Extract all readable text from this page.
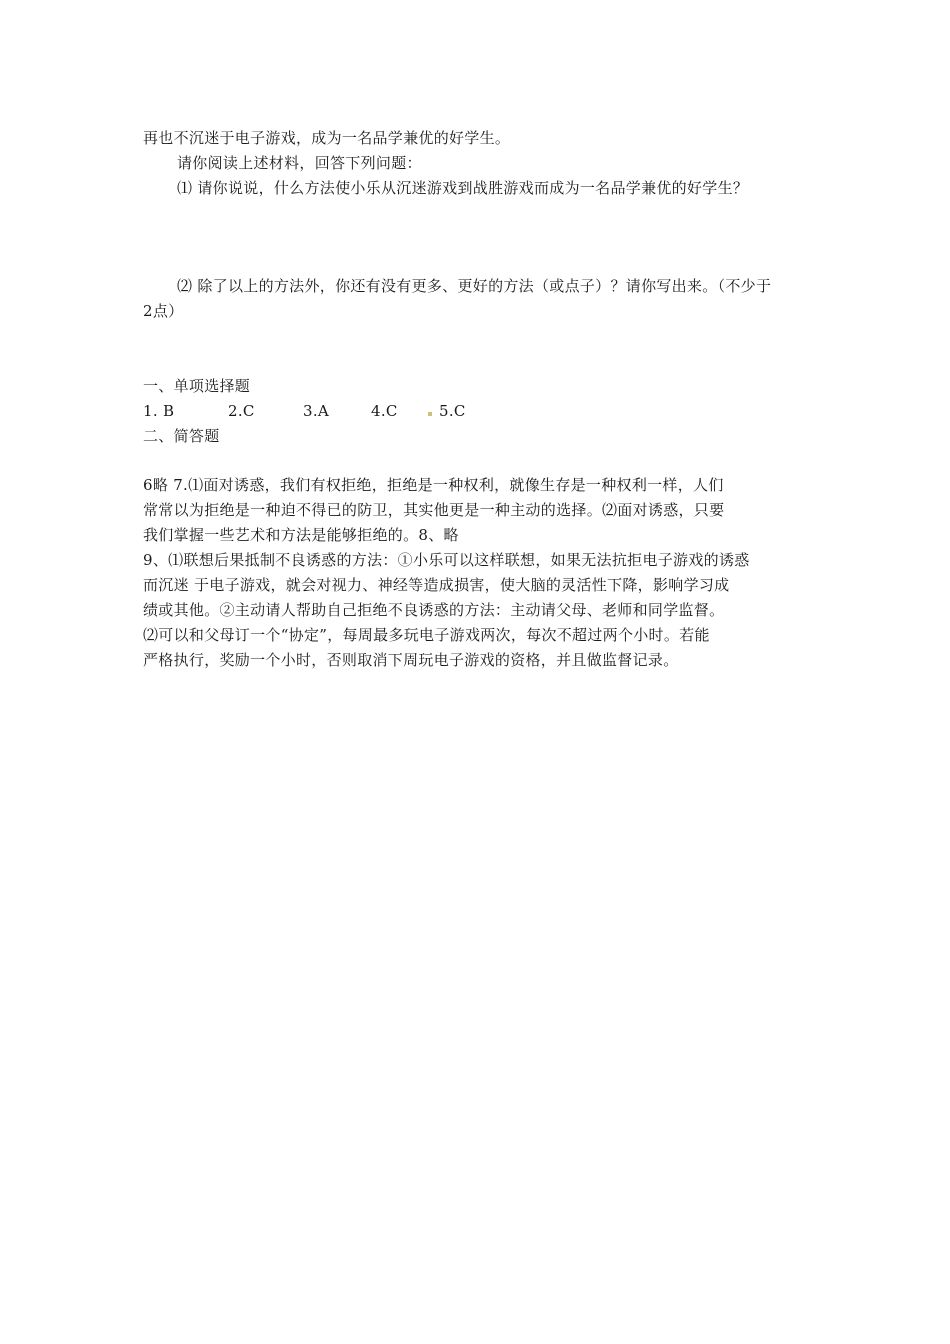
再也不沉迷于电子游戏，成为一名品学兼优的好学生。
请你阅读上述材料，回答下列问题：
⑴ 请你说说，什么方法使小乐从沉迷游戏到战胜游戏而成为一名品学兼优的好学生？
⑵ 除了以上的方法外，你还有没有更多、更好的方法（或点子）？请你写出来。（不少于
2点）
一、单项选择题
1. B	2.C	3.A	4.C	5.C
二、简答题
6略 7.⑴面对诱惑，我们有权拒绝，拒绝是一种权利，就像生存是一种权利一样，人们
常常以为拒绝是一种迫不得已的防卫，其实他更是一种主动的选择。⑵面对诱惑，只要
我们掌握一些艺术和方法是能够拒绝的。8、略
9、⑴联想后果抵制不良诱惑的方法：①小乐可以这样联想，如果无法抗拒电子游戏的诱惑
而沉迷 于电子游戏，就会对视力、神经等造成损害，使大脑的灵活性下降，影响学习成
绩或其他。②主动请人帮助自己拒绝不良诱惑的方法：主动请父母、老师和同学监督。
⑵可以和父母订一个“协定”，每周最多玩电子游戏两次，每次不超过两个小时。若能
严格执行，奖励一个小时，否则取消下周玩电子游戏的资格，并且做监督记录。
